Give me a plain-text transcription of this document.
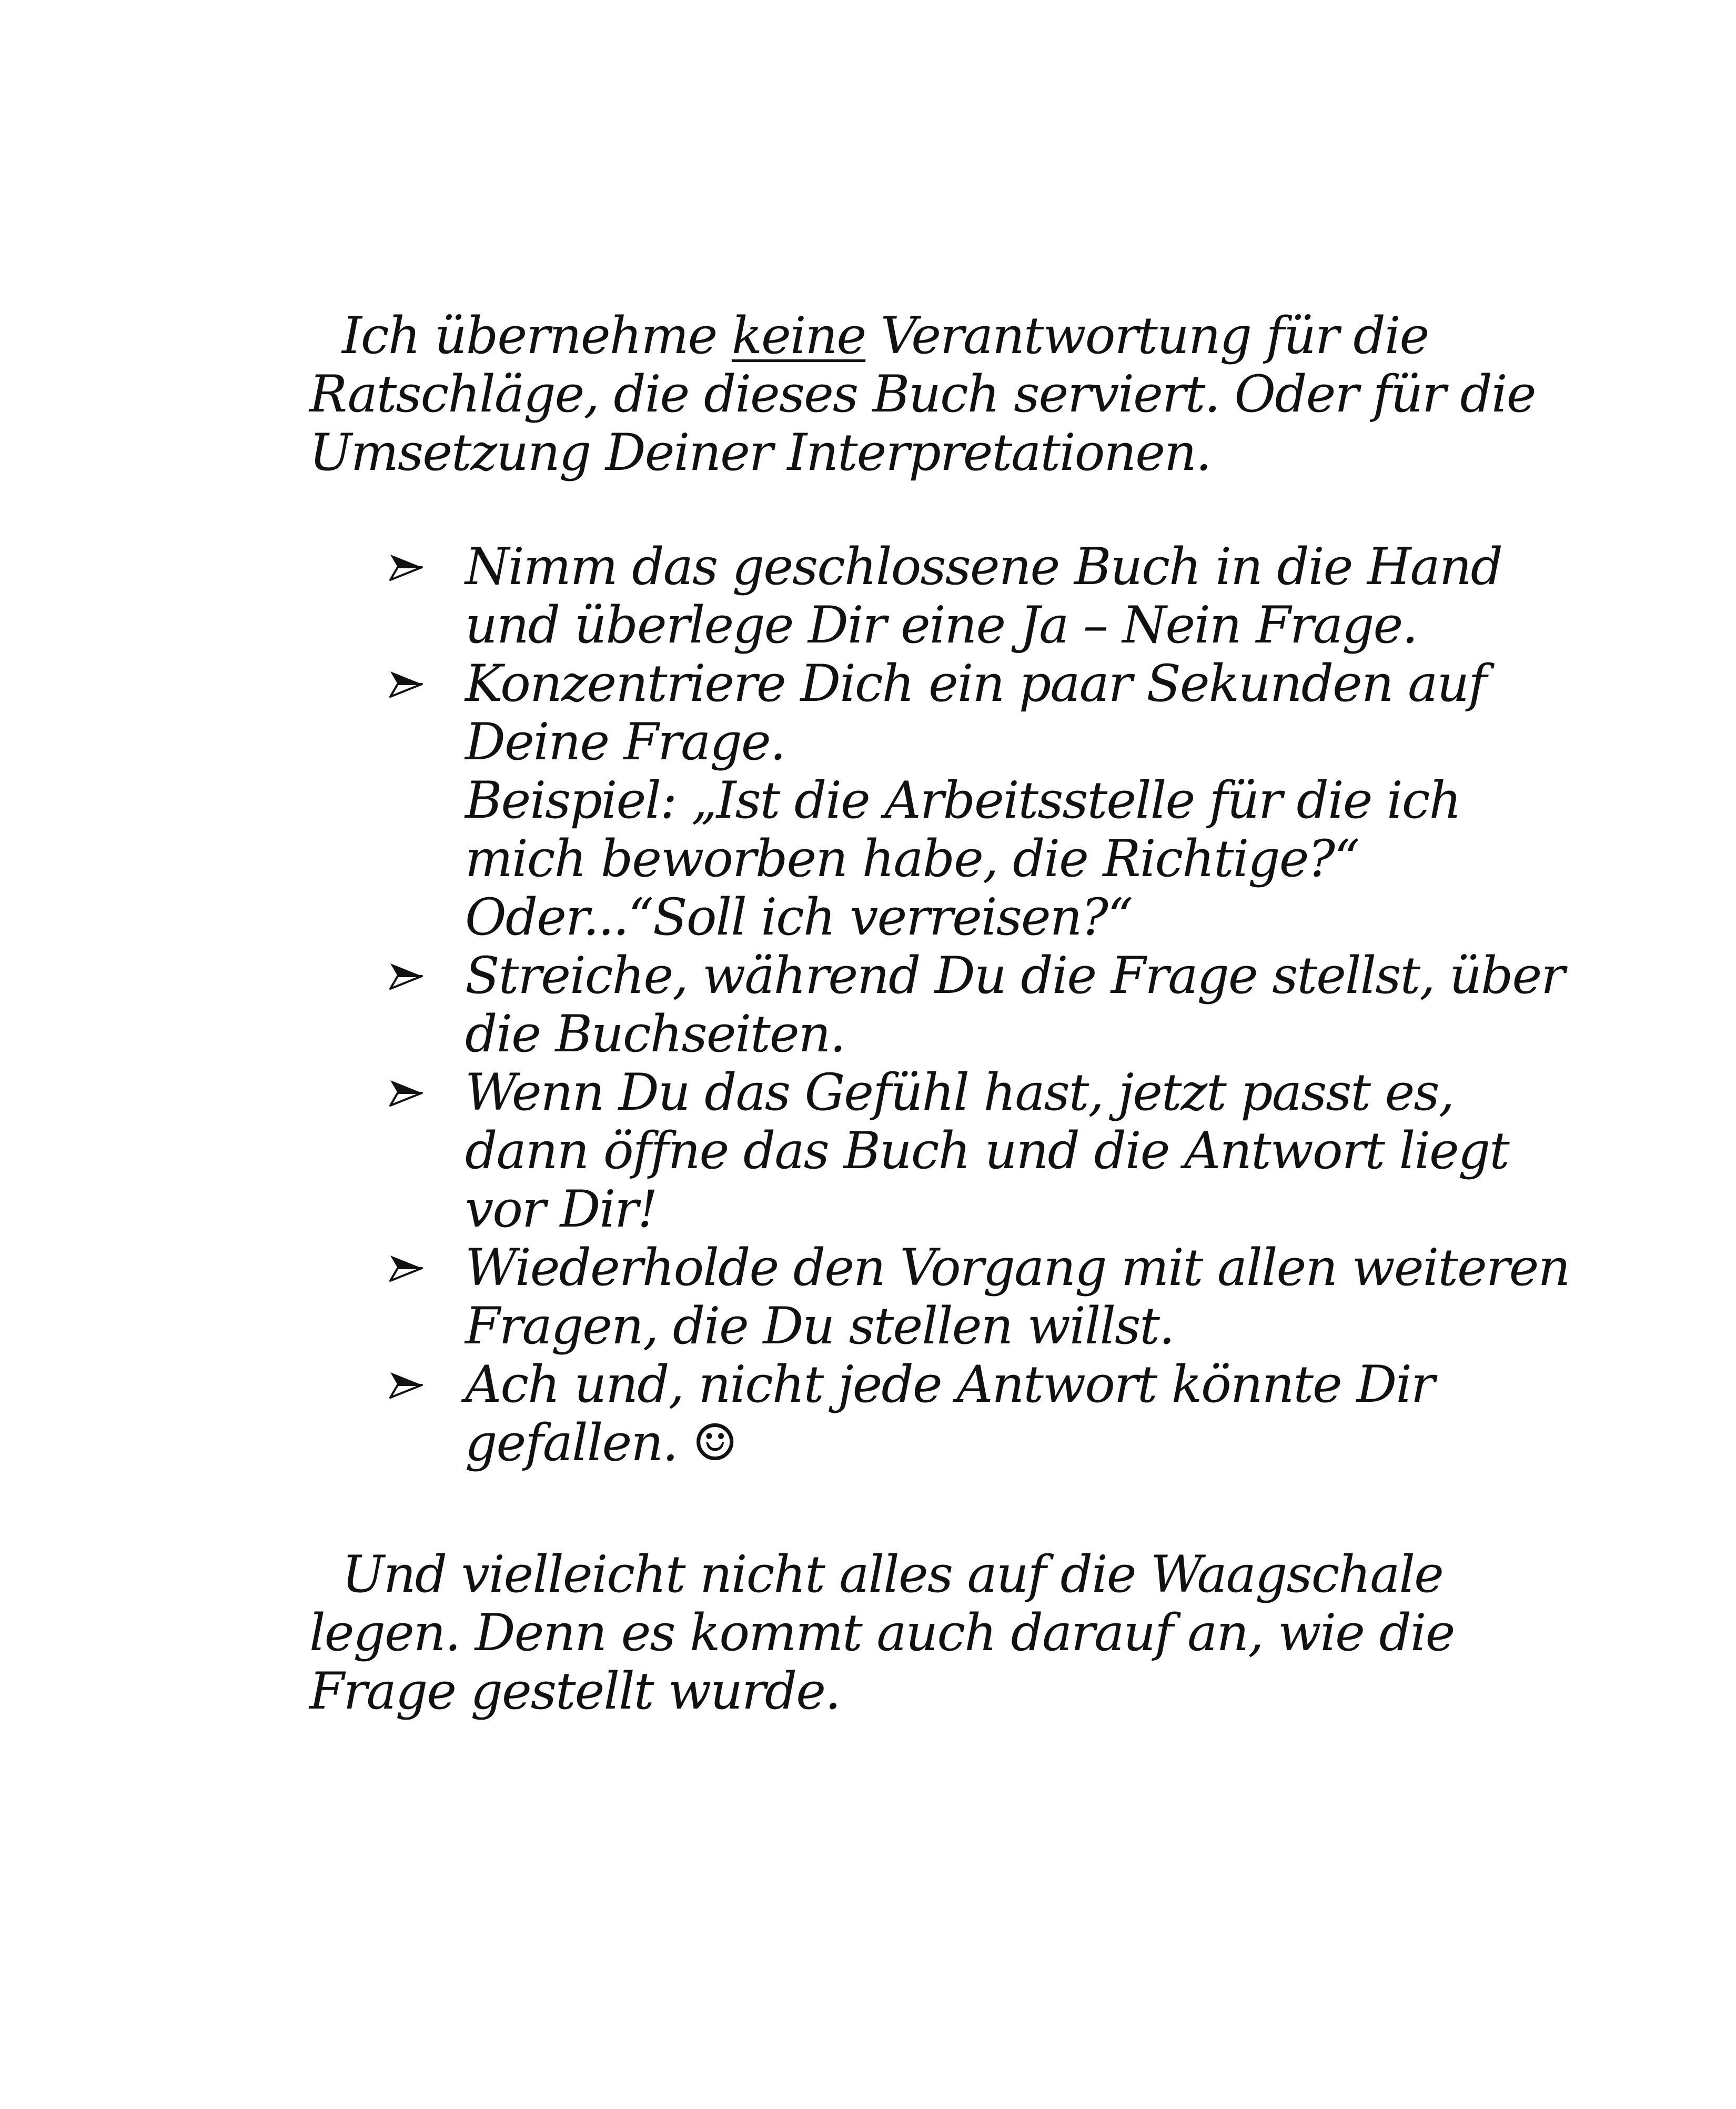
Ich übernehme keine Verantwortung für die
Ratschläge, die dieses Buch serviert. Oder für die
Umsetzung Deiner Interpretationen.
Nimm das geschlossene Buch in die Hand
und überlege Dir eine Ja – Nein Frage.
Konzentriere Dich ein paar Sekunden auf
Deine Frage.
Beispiel: „Ist die Arbeitsstelle für die ich
mich beworben habe, die Richtige?“
Oder...“Soll ich verreisen?“
Streiche, während Du die Frage stellst, über
die Buchseiten.
Wenn Du das Gefühl hast, jetzt passt es,
dann öffne das Buch und die Antwort liegt
vor Dir!
Wiederholde den Vorgang mit allen weiteren
Fragen, die Du stellen willst.
Ach und, nicht jede Antwort könnte Dir
gefallen. ☺
Und vielleicht nicht alles auf die Waagschale
legen. Denn es kommt auch darauf an, wie die
Frage gestellt wurde.
